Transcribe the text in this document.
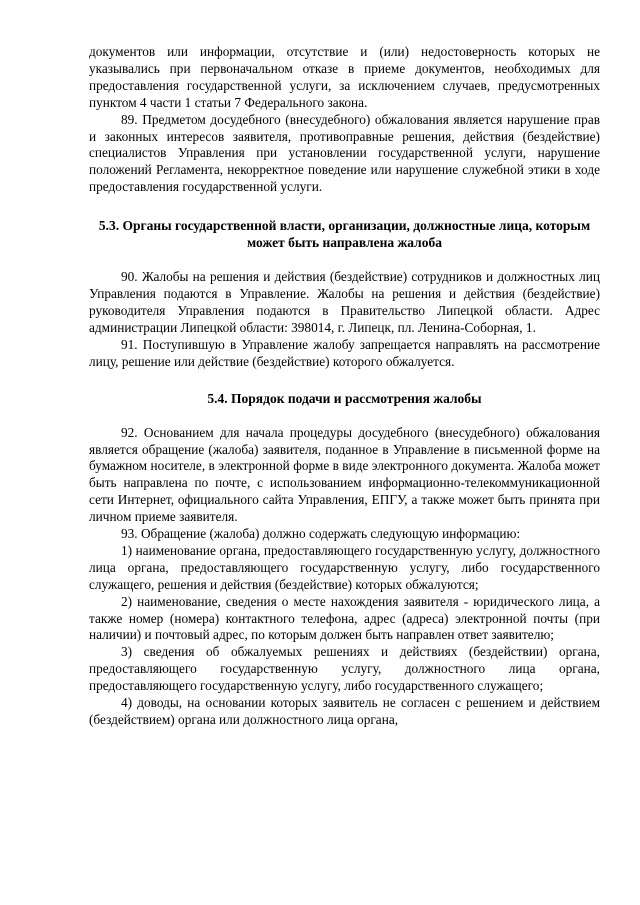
документов или информации, отсутствие и (или) недостоверность которых не указывались при первоначальном отказе в приеме документов, необходимых для предоставления государственной услуги, за исключением случаев, предусмотренных пунктом 4 части 1 статьи 7 Федерального закона.

89. Предметом досудебного (внесудебного) обжалования является нарушение прав и законных интересов заявителя, противоправные решения, действия (бездействие) специалистов Управления при установлении государственной услуги, нарушение положений Регламента, некорректное поведение или нарушение служебной этики в ходе предоставления государственной услуги.

5.3. Органы государственной власти, организации, должностные лица, которым может быть направлена жалоба

90. Жалобы на решения и действия (бездействие) сотрудников и должностных лиц Управления подаются в Управление. Жалобы на решения и действия (бездействие) руководителя Управления подаются в Правительство Липецкой области. Адрес администрации Липецкой области: 398014, г. Липецк, пл. Ленина-Соборная, 1.

91. Поступившую в Управление жалобу запрещается направлять на рассмотрение лицу, решение или действие (бездействие) которого обжалуется.

5.4. Порядок подачи и рассмотрения жалобы

92. Основанием для начала процедуры досудебного (внесудебного) обжалования является обращение (жалоба) заявителя, поданное в Управление в письменной форме на бумажном носителе, в электронной форме в виде электронного документа. Жалоба может быть направлена по почте, с использованием информационно-телекоммуникационной сети Интернет, официального сайта Управления, ЕПГУ, а также может быть принята при личном приеме заявителя.

93. Обращение (жалоба) должно содержать следующую информацию:

1) наименование органа, предоставляющего государственную услугу, должностного лица органа, предоставляющего государственную услугу, либо государственного служащего, решения и действия (бездействие) которых обжалуются;

2) наименование, сведения о месте нахождения заявителя - юридического лица, а также номер (номера) контактного телефона, адрес (адреса) электронной почты (при наличии) и почтовый адрес, по которым должен быть направлен ответ заявителю;

3) сведения об обжалуемых решениях и действиях (бездействии) органа, предоставляющего государственную услугу, должностного лица органа, предоставляющего государственную услугу, либо государственного служащего;

4) доводы, на основании которых заявитель не согласен с решением и действием (бездействием) органа или должностного лица органа,
